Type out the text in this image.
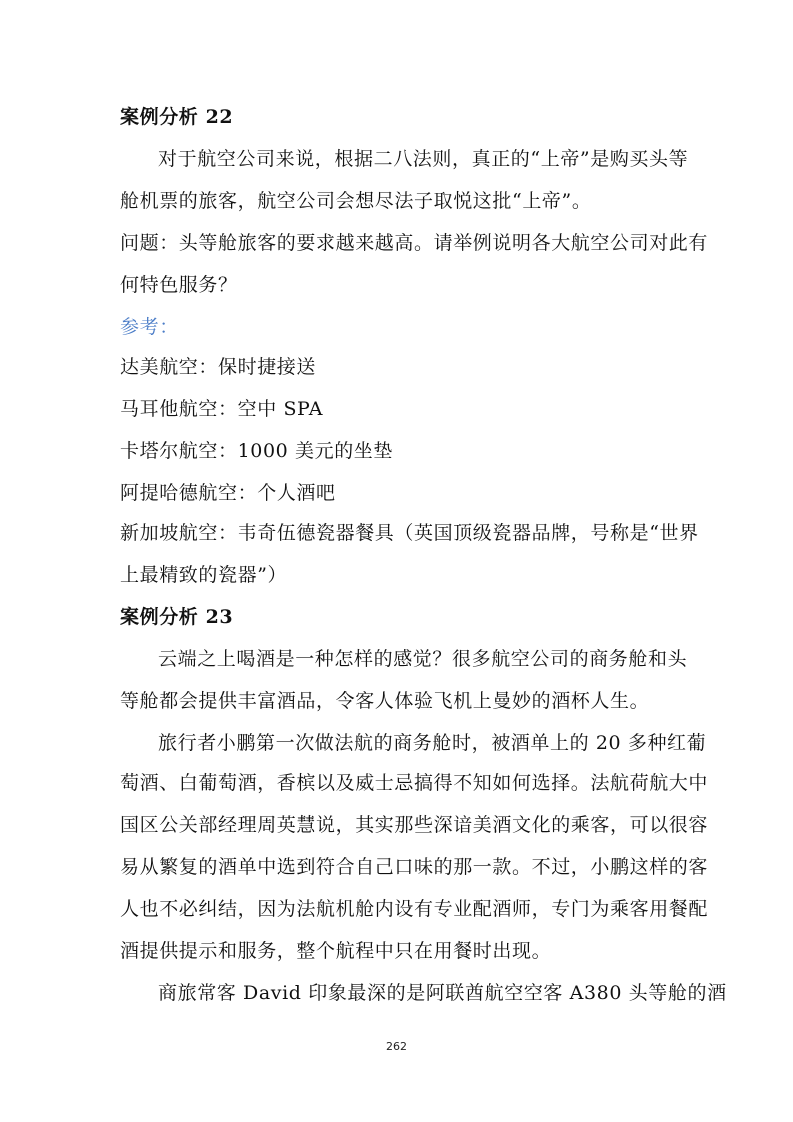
案例分析 22
对于航空公司来说，根据二八法则，真正的“上帝”是购买头等
舱机票的旅客，航空公司会想尽法子取悦这批“上帝”。
问题：头等舱旅客的要求越来越高。请举例说明各大航空公司对此有
何特色服务？
参考：
达美航空：保时捷接送
马耳他航空：空中 SPA
卡塔尔航空：1000 美元的坐垫
阿提哈德航空：个人酒吧
新加坡航空：韦奇伍德瓷器餐具（英国顶级瓷器品牌，号称是“世界
上最精致的瓷器”）
案例分析 23
云端之上喝酒是一种怎样的感觉？很多航空公司的商务舱和头
等舱都会提供丰富酒品，令客人体验飞机上曼妙的酒杯人生。
旅行者小鹏第一次做法航的商务舱时，被酒单上的 20 多种红葡
萄酒、白葡萄酒，香槟以及威士忌搞得不知如何选择。法航荷航大中
国区公关部经理周英慧说，其实那些深谙美酒文化的乘客，可以很容
易从繁复的酒单中选到符合自己口味的那一款。不过，小鹏这样的客
人也不必纠结，因为法航机舱内设有专业配酒师，专门为乘客用餐配
酒提供提示和服务，整个航程中只在用餐时出现。
商旅常客 David 印象最深的是阿联酋航空空客 A380 头等舱的酒
262
